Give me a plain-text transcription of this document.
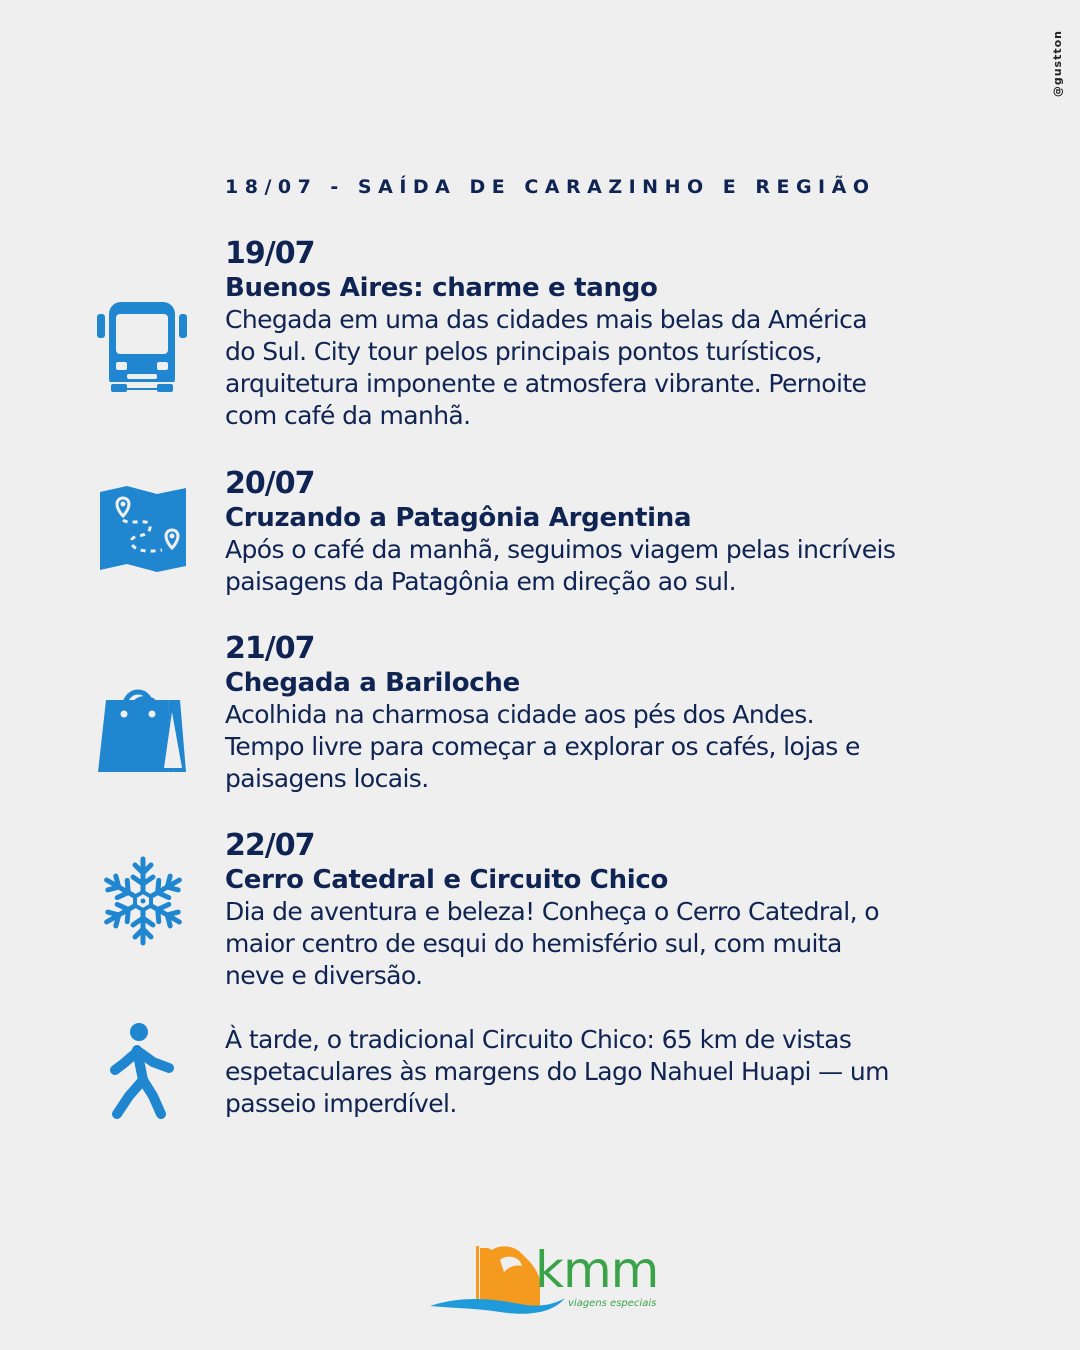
@gustton
18/07 - SAÍDA DE CARAZINHO E REGIÃO

19/07

Buenos Aires: charme e tango

Chegada em uma das cidades mais belas da América
do Sul. City tour pelos principais pontos turísticos,
arquitetura imponente e atmosfera vibrante. Pernoite
com café da manhã.

20/07

Cruzando a Patagônia Argentina

Após o café da manhã, seguimos viagem pelas incríveis
paisagens da Patagônia em direção ao sul.

21/07

Chegada a Bariloche

Acolhida na charmosa cidade aos pés dos Andes.
Tempo livre para começar a explorar os cafés, lojas e
paisagens locais.

22/07

Cerro Catedral e Circuito Chico

Dia de aventura e beleza! Conheça o Cerro Catedral, o
maior centro de esqui do hemisfério sul, com muita
neve e diversão.

À tarde, o tradicional Circuito Chico: 65 km de vistas
espetaculares às margens do Lago Nahuel Huapi — um
passeio imperdível.

kmm
viagens especiais
